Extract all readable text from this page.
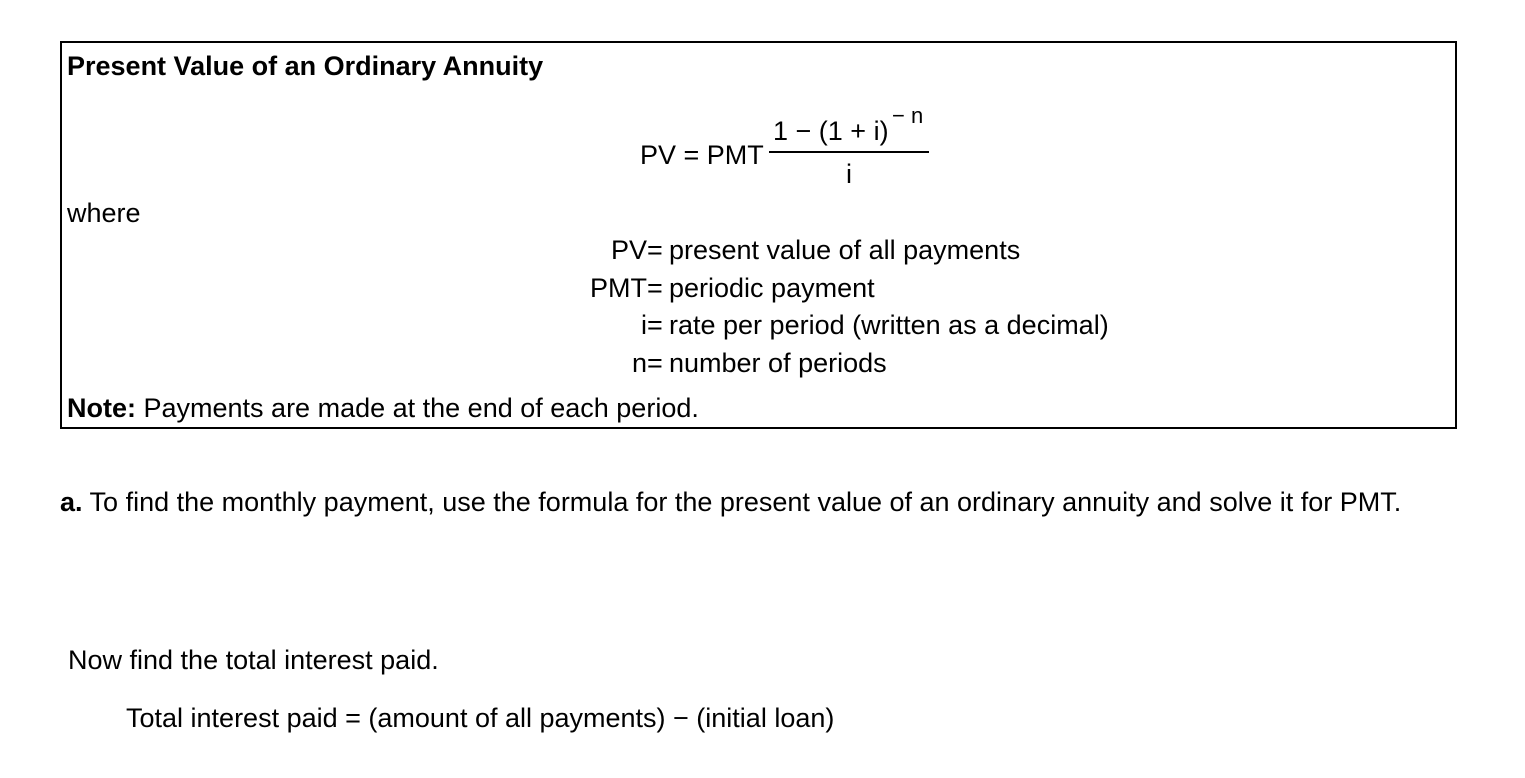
Present Value of an Ordinary Annuity
PV = PMT
1 − (1 + i)
− n
i
where
PV = present value of all payments
PMT = periodic payment
i = rate per period (written as a decimal)
n = number of periods
Note: Payments are made at the end of each period.
a. To find the monthly payment, use the formula for the present value of an ordinary annuity and solve it for PMT.
Now find the total interest paid.
Total interest paid = (amount of all payments) − (initial loan)
